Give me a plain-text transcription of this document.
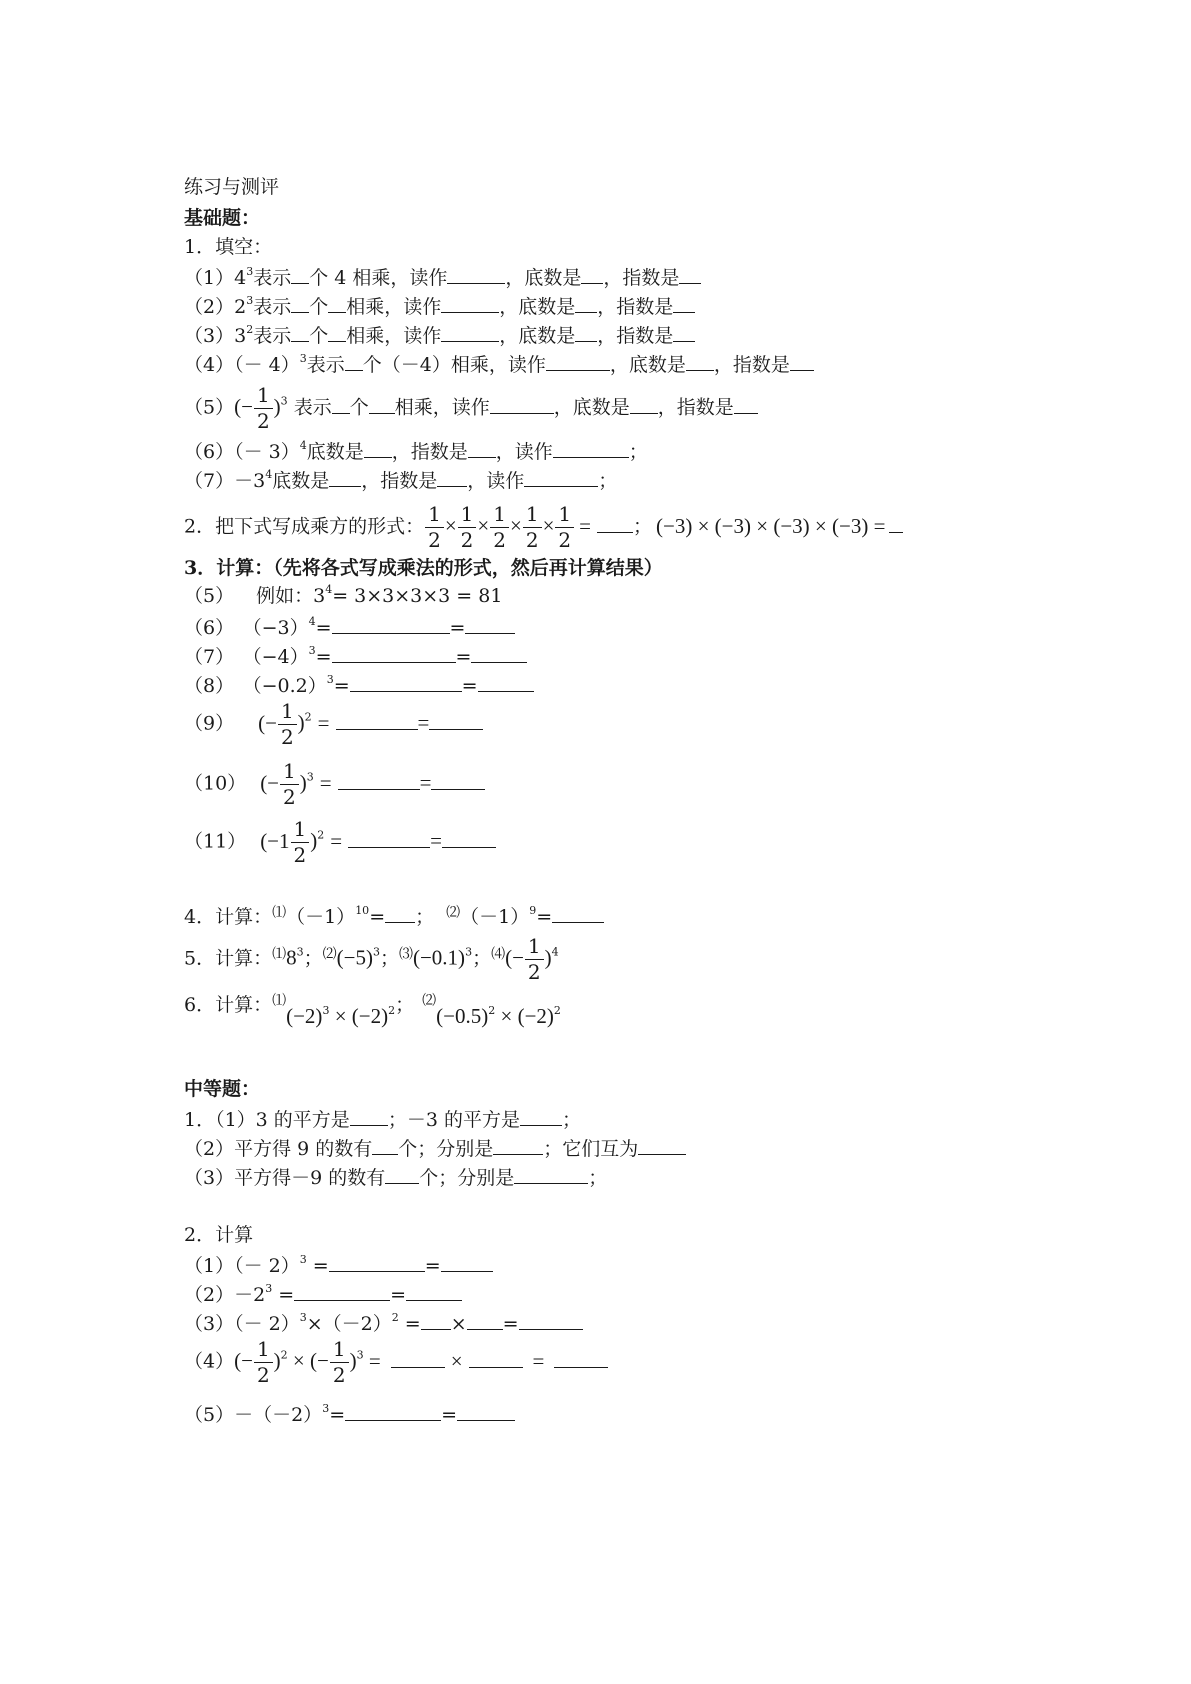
练习与测评
基础题：
1．填空：
$(1)4^3$表示 个 4 相乘，读作	，底数是 ，指数是
$(2)2^3$表示 个 相乘，读作	，底数是 ，指数是
$(3)3^2$表示 个 相乘，读作	，底数是 ，指数是
$(4)(- 4)^3$表示 个（－4）相乘，读作	，底数是 ，指数是
$(5)(- \frac{1}{2} )^3$ 表示 个 相乘，读作	，底数是 ，指数是
$(6)(- 3)^4$底数是 ，指数是 ，读作	；
$(7)-3^4$底数是 ，指数是 ，读作	；
2．把下式写成乘方的形式： $\frac{1}{2} \times \frac{1}{2} \times \frac{1}{2} \times \frac{1}{2} \times \frac{1}{2}$ = ； (−3) × (−3) × (−3) × (−3) =
3．计算：（先将各式写成乘法的形式，然后再计算结果）
（5） 例如：$3^4= 3\times 3\times 3\times 3 = 81$
（6） $(-3)^4=$	=
（7） $(-4)^3=$	=
（8） $(-0.2)^3=$	=
（9） (− $\frac{1}{2} )^2$ =	=
（10） (− $\frac{1}{2} )^3$ =	=
（11） $(-1 \frac{1}{2} )^2$ =	=
4．计算：$^⑴(-1)^{10}=$ ； $^⑵(-1)^9=$
5．计算：$^⑴8^3$；$^⑵(-5)^3$；$^⑶(-0.1)^3$；$^⑷(- \frac{1}{2} )^4$
6．计算：$^⑴(-2)^3 \times (-2)^2$； $^⑵(-0.5)^2 \times (-2)^2$
中等题：
1．（1）3 的平方是 ；－3 的平方是 ；
（2）平方得 9 的数有 个；分别是	；它们互为
（3）平方得－9 的数有 个；分别是	；
2．计算
$(1)(- 2)^3$ =	=
$(2)-2^3$ =	=
$(3)(- 2)^3\times(-2)^2$ = × =
$(4)(- \frac{1}{2} )^2$ × (− $\frac{1}{2} )^3$ =	×	=
$(5)-(-2)^3=$	=
